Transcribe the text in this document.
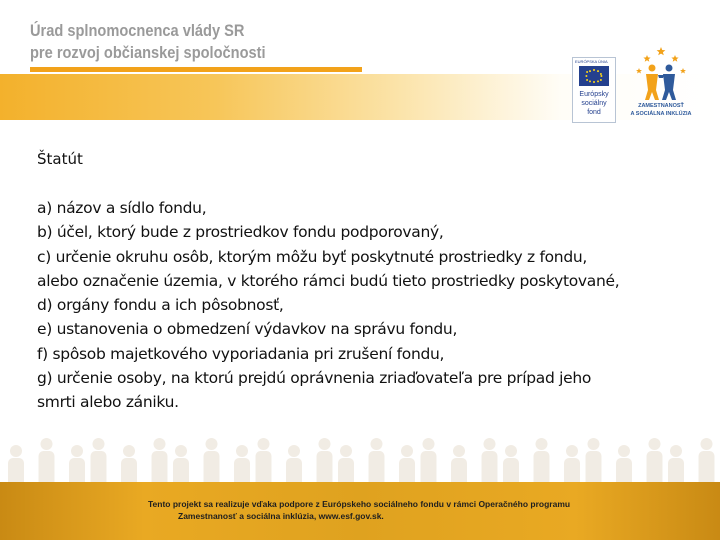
Úrad splnomocnenca vlády SR
pre rozvoj občianskej spoločnosti	EURÓPSKA ÚNIA
Európsky
sociálny
fond
ZAMESTNANOSŤ
A SOCIÁLNA INKLÚZIA
Štatút
a) názov a sídlo fondu,
b) účel, ktorý bude z prostriedkov fondu podporovaný,
c) určenie okruhu osôb, ktorým môžu byť poskytnuté prostriedky z fondu,
alebo označenie územia, v ktorého rámci budú tieto prostriedky poskytované,
d) orgány fondu a ich pôsobnosť,
e) ustanovenia o obmedzení výdavkov na správu fondu,
f) spôsob majetkového vyporiadania pri zrušení fondu,
g) určenie osoby, na ktorú prejdú oprávnenia zriaďovateľa pre prípad jeho
smrti alebo zániku.
Tento projekt sa realizuje vďaka podpore z Európskeho sociálneho fondu v rámci Operačného programu
Zamestnanosť a sociálna inklúzia, www.esf.gov.sk.
